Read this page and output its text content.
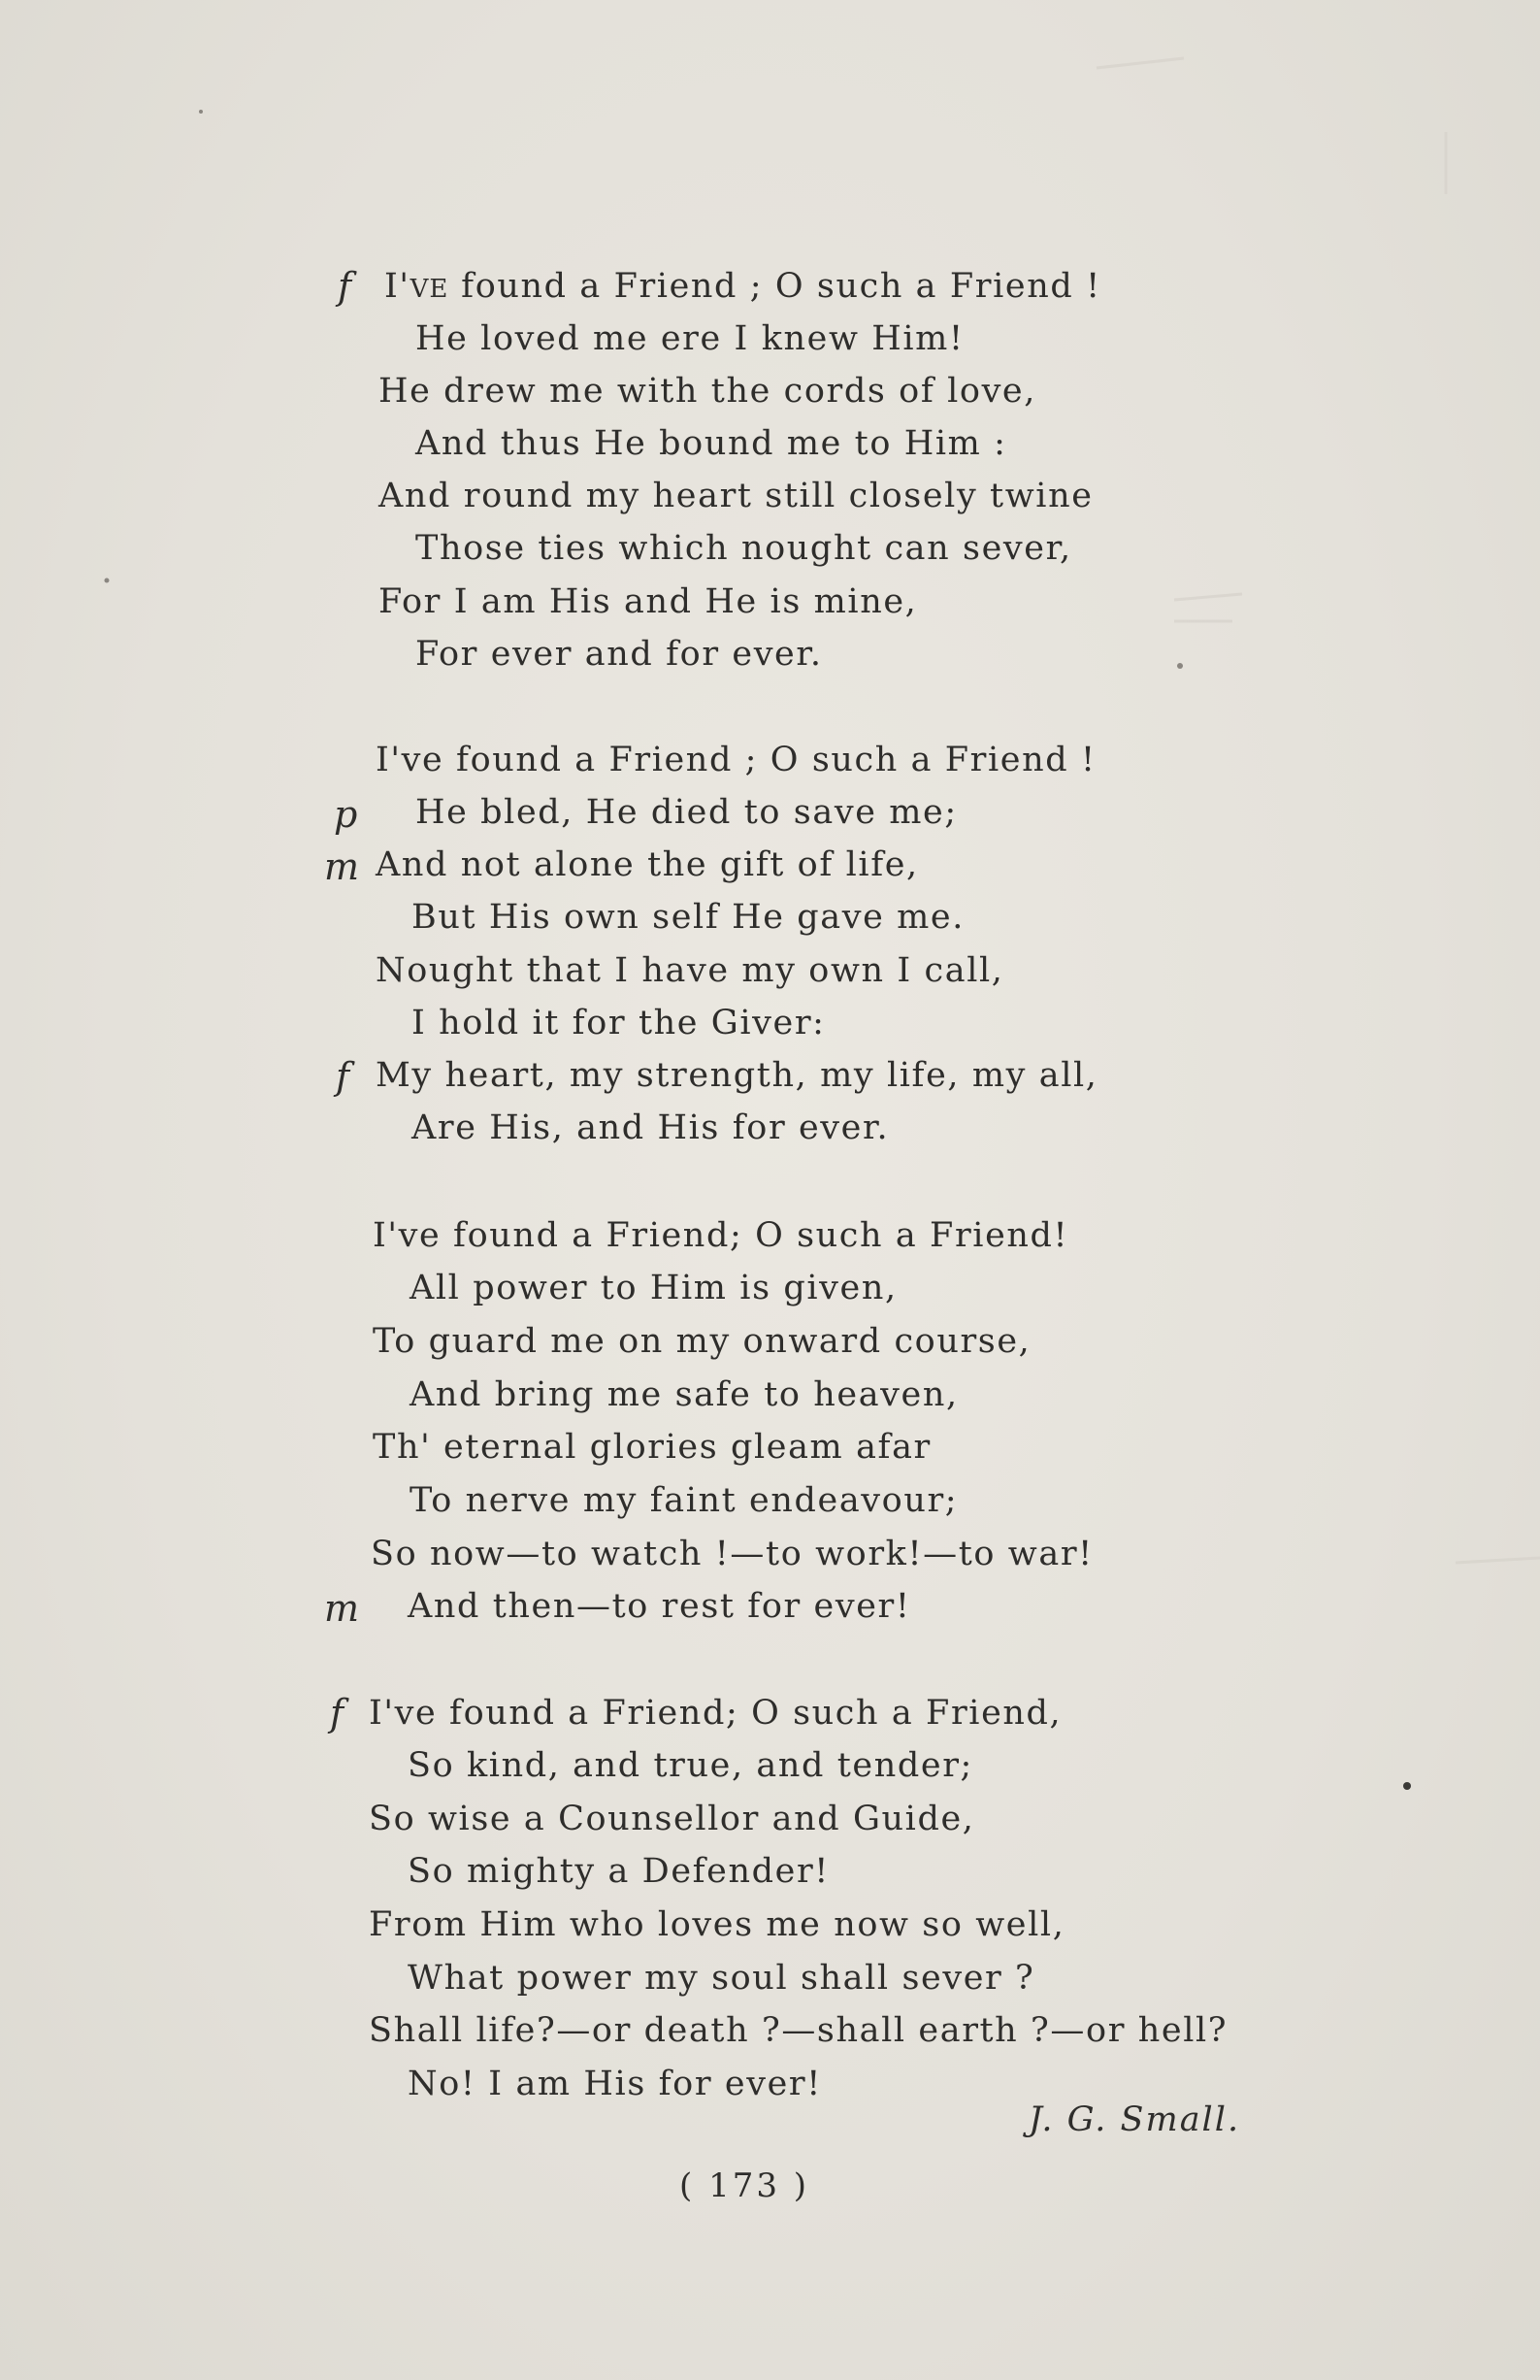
f I'VE found a Friend ; O such a Friend !
He loved me ere I knew Him!
He drew me with the cords of love,
And thus He bound me to Him :
And round my heart still closely twine
Those ties which nought can sever,
For I am His and He is mine,
For ever and for ever.
I've found a Friend ; O such a Friend !
p He bled, He died to save me;
m And not alone the gift of life,
But His own self He gave me.
Nought that I have my own I call,
I hold it for the Giver:
f My heart, my strength, my life, my all,
Are His, and His for ever.
I've found a Friend; O such a Friend!
All power to Him is given,
To guard me on my onward course,
And bring me safe to heaven,
Th' eternal glories gleam afar
To nerve my faint endeavour;
So now—to watch !—to work!—to war!
m And then—to rest for ever!
f I've found a Friend; O such a Friend,
So kind, and true, and tender;
So wise a Counsellor and Guide,
So mighty a Defender!
From Him who loves me now so well,
What power my soul shall sever ?
Shall life?—or death ?—shall earth ?—or hell?
No! I am His for ever!
J. G. Small.
( 173 )
